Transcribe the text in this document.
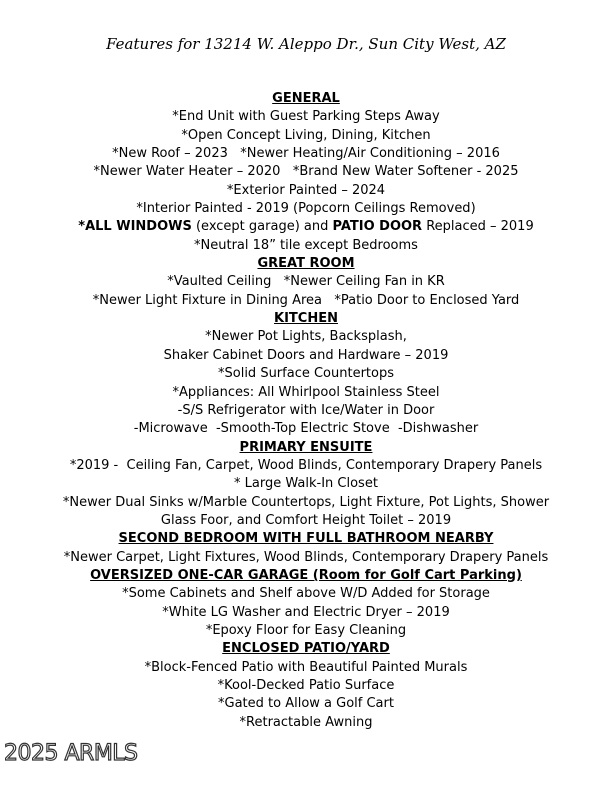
Features for 13214 W. Aleppo Dr., Sun City West, AZ
GENERAL
*End Unit with Guest Parking Steps Away
*Open Concept Living, Dining, Kitchen
*New Roof – 2023   *Newer Heating/Air Conditioning – 2016
*Newer Water Heater – 2020   *Brand New Water Softener - 2025
*Exterior Painted – 2024
*Interior Painted - 2019 (Popcorn Ceilings Removed)
*ALL WINDOWS (except garage) and PATIO DOOR Replaced – 2019
*Neutral 18” tile except Bedrooms
GREAT ROOM
*Vaulted Ceiling   *Newer Ceiling Fan in KR
*Newer Light Fixture in Dining Area   *Patio Door to Enclosed Yard
KITCHEN
*Newer Pot Lights, Backsplash,
Shaker Cabinet Doors and Hardware – 2019
*Solid Surface Countertops
*Appliances: All Whirlpool Stainless Steel
-S/S Refrigerator with Ice/Water in Door
-Microwave  -Smooth-Top Electric Stove  -Dishwasher
PRIMARY ENSUITE
*2019 -  Ceiling Fan, Carpet, Wood Blinds, Contemporary Drapery Panels
* Large Walk-In Closet
*Newer Dual Sinks w/Marble Countertops, Light Fixture, Pot Lights, Shower
Glass Foor, and Comfort Height Toilet – 2019
SECOND BEDROOM WITH FULL BATHROOM NEARBY
*Newer Carpet, Light Fixtures, Wood Blinds, Contemporary Drapery Panels
OVERSIZED ONE-CAR GARAGE (Room for Golf Cart Parking)
*Some Cabinets and Shelf above W/D Added for Storage
*White LG Washer and Electric Dryer – 2019
*Epoxy Floor for Easy Cleaning
ENCLOSED PATIO/YARD
*Block-Fenced Patio with Beautiful Painted Murals
*Kool-Decked Patio Surface
*Gated to Allow a Golf Cart
*Retractable Awning
2025 ARMLS
